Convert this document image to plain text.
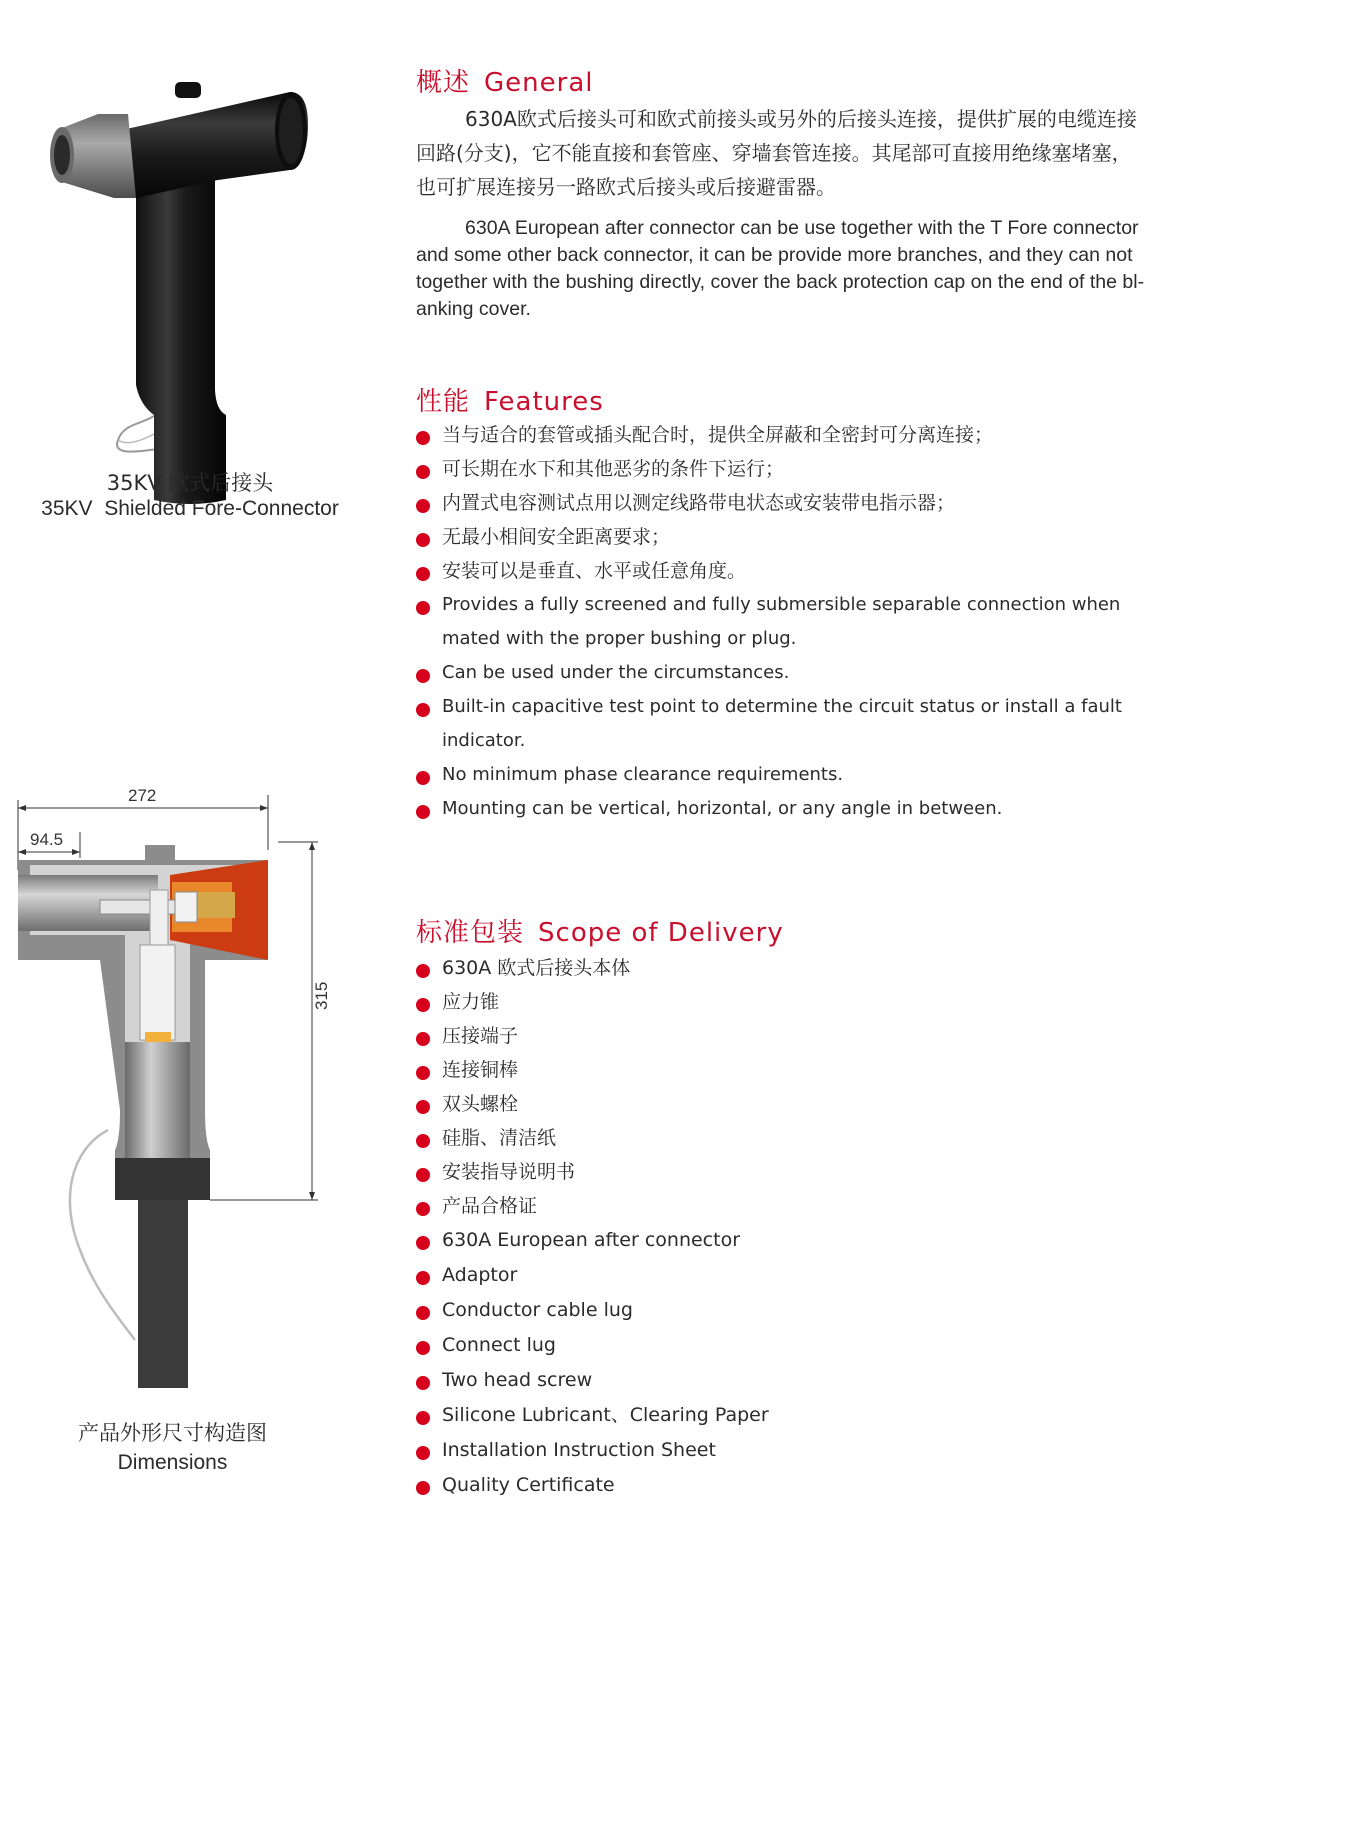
35KV 欧式后接头
35KV  Shielded Fore-Connector
272
94.5
315
产品外形尺寸构造图
Dimensions
概述 General
630A欧式后接头可和欧式前接头或另外的后接头连接，提供扩展的电缆连接回路(分支)，它不能直接和套管座、穿墙套管连接。其尾部可直接用绝缘塞堵塞，也可扩展连接另一路欧式后接头或后接避雷器。
630A European after connector can be use together with the T Fore connector and some other back connector, it can be provide more branches, and they can not together with the bushing directly, cover the back protection cap on the end of the bl-anking cover.
性能 Features
当与适合的套管或插头配合时，提供全屏蔽和全密封可分离连接；
可长期在水下和其他恶劣的条件下运行；
内置式电容测试点用以测定线路带电状态或安装带电指示器；
无最小相间安全距离要求；
安装可以是垂直、水平或任意角度。
Provides a fully screened and fully submersible separable connection when mated with the proper bushing or plug.
Can be used under the circumstances.
Built-in capacitive test point to determine the circuit status or install a fault indicator.
No minimum phase clearance requirements.
Mounting can be vertical, horizontal, or any angle in between.
标准包装 Scope of Delivery
630A 欧式后接头本体
应力锥
压接端子
连接铜棒
双头螺栓
硅脂、清洁纸
安装指导说明书
产品合格证
630A European after connector
Adaptor
Conductor cable lug
Connect lug
Two head screw
Silicone Lubricant、Clearing Paper
Installation Instruction Sheet
Quality Certificate
